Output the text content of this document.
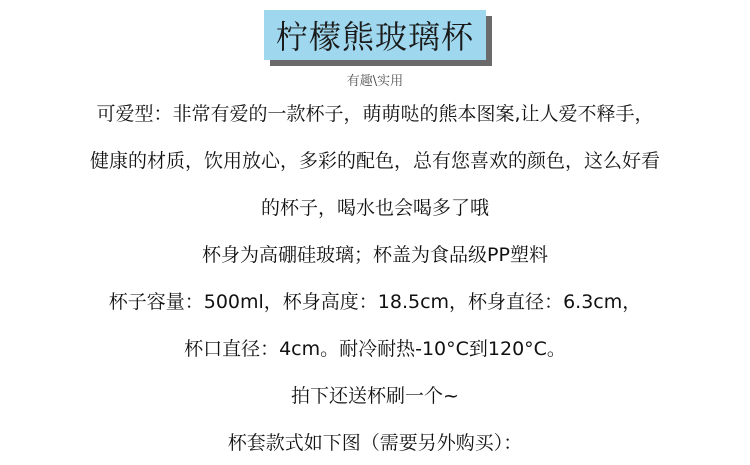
柠檬熊玻璃杯
有趣\实用
可爱型：非常有爱的一款杯子，萌萌哒的熊本图案,让人爱不释手，
健康的材质，饮用放心，多彩的配色，总有您喜欢的颜色，这么好看
的杯子，喝水也会喝多了哦
杯身为高硼硅玻璃；杯盖为食品级PP塑料
杯子容量：500ml，杯身高度：18.5cm，杯身直径：6.3cm，
杯口直径：4cm。耐冷耐热-10°C到120°C。
拍下还送杯刷一个~
杯套款式如下图（需要另外购买）：
